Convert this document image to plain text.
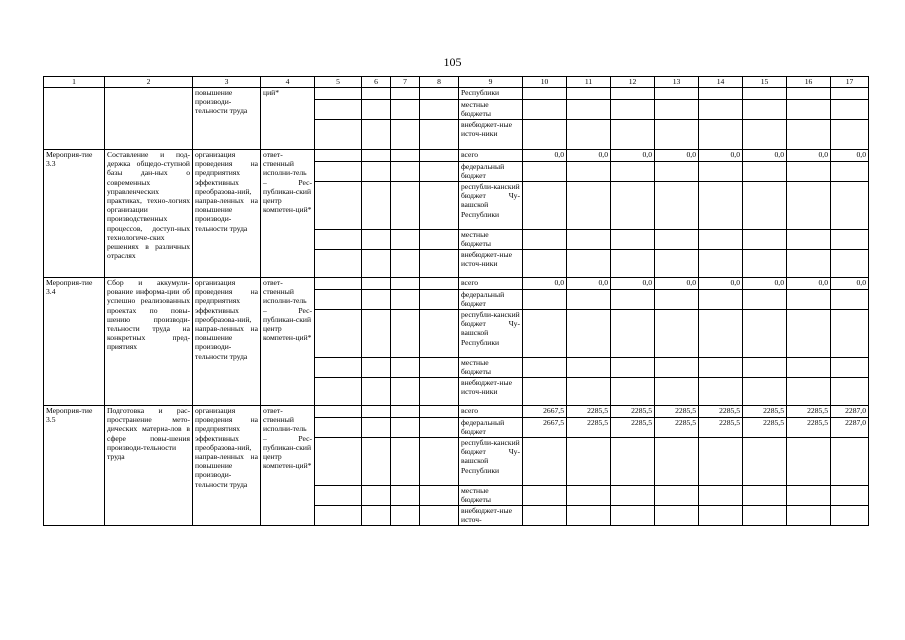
105
1	2	3	4	5	6	7	8	9	10	11	12	13	14	15	16	17
		повышение производи-тельности труда	ций*					Республики								
								местные бюджеты								
								внебюджет-ные источ-ники								
Мероприя-тие 3.3	Составление и под-держка общедо-ступной базы дан-ных о современных управленческих практиках, техно-логиях организации производственных процессов, доступ-ных технологиче-ских решениях в различных отраслях	организация проведения на предприятиях эффективных преобразова-ний, направ-ленных на повышение производи-тельности труда	ответ-ственный исполни-тель – Рес-публикан-ский центр компетен-ций*					всего	0,0	0,0	0,0	0,0	0,0	0,0	0,0	0,0
								федеральный бюджет								
								республи-канский бюджет Чу-вашской Республики								
								местные бюджеты								
								внебюджет-ные источ-ники								
Мероприя-тие 3.4	Сбор и аккумули-рование информа-ции об успешно реализованных проектах по повы-шению производи-тельности труда на конкретных пред-приятиях	организация проведения на предприятиях эффективных преобразова-ний, направ-ленных на повышение производи-тельности труда	ответ-ственный исполни-тель – Рес-публикан-ский центр компетен-ций*					всего	0,0	0,0	0,0	0,0	0,0	0,0	0,0	0,0
								федеральный бюджет								
								республи-канский бюджет Чу-вашской Республики								
								местные бюджеты								
								внебюджет-ные источ-ники								
Мероприя-тие 3.5	Подготовка и рас-пространение мето-дических материа-лов в сфере повы-шения производи-тельности труда	организация проведения на предприятиях эффективных преобразова-ний, направ-ленных на повышение производи-тельности труда	ответ-ственный исполни-тель – Рес-публикан-ский центр компетен-ций*					всего	2667,5	2285,5	2285,5	2285,5	2285,5	2285,5	2285,5	2287,0
								федеральный бюджет	2667,5	2285,5	2285,5	2285,5	2285,5	2285,5	2285,5	2287,0
								республи-канский бюджет Чу-вашской Республики								
								местные бюджеты								
								внебюджет-ные источ-								
